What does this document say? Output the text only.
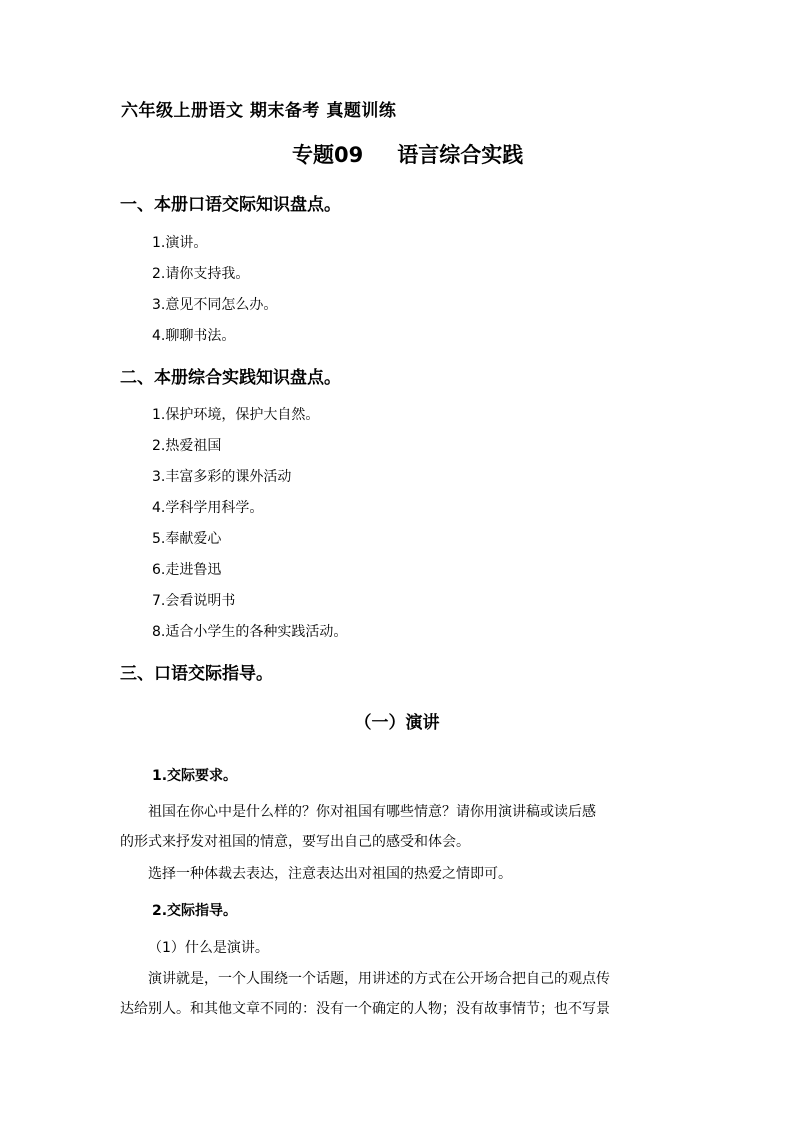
六年级上册语文 期末备考 真题训练
专题09 语言综合实践
一、本册口语交际知识盘点。
1.演讲。
2.请你支持我。
3.意见不同怎么办。
4.聊聊书法。
二、本册综合实践知识盘点。
1.保护环境，保护大自然。
2.热爱祖国
3.丰富多彩的课外活动
4.学科学用科学。
5.奉献爱心
6.走进鲁迅
7.会看说明书
8.适合小学生的各种实践活动。
三、口语交际指导。
（一）演讲
1.交际要求。
祖国在你心中是什么样的？你对祖国有哪些情意？请你用演讲稿或读后感
的形式来抒发对祖国的情意，要写出自己的感受和体会。
选择一种体裁去表达，注意表达出对祖国的热爱之情即可。
2.交际指导。
（1）什么是演讲。
演讲就是，一个人围绕一个话题，用讲述的方式在公开场合把自己的观点传
达给别人。和其他文章不同的：没有一个确定的人物；没有故事情节；也不写景
